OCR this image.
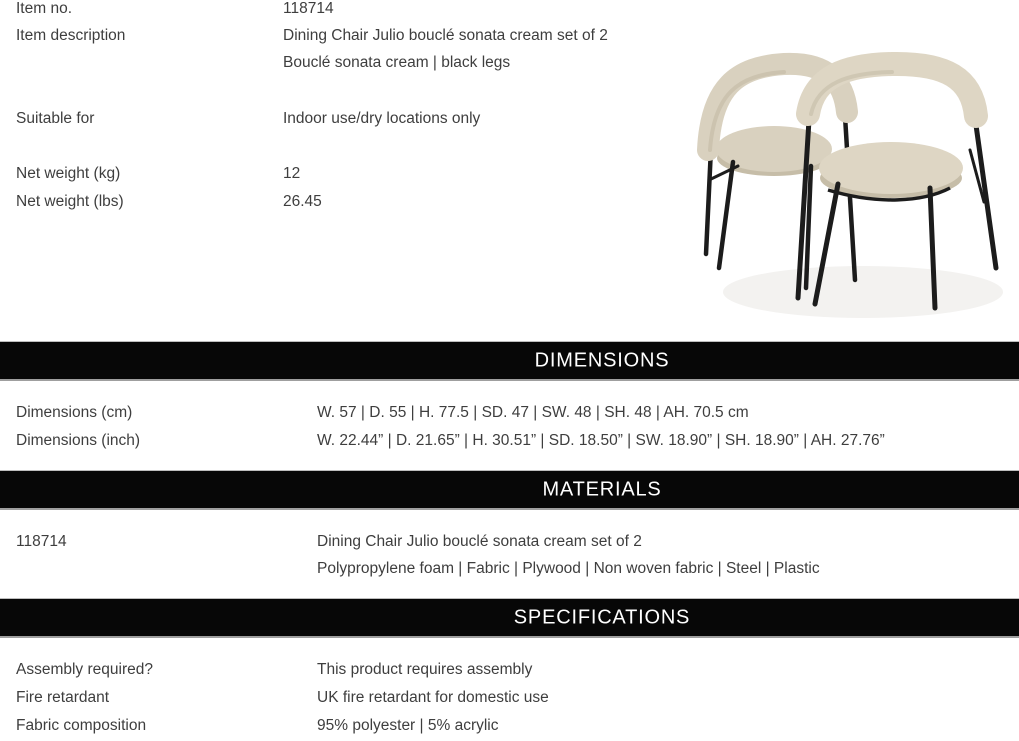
Item no.	118714
Item description	Dining Chair Julio bouclé sonata cream set of 2
Bouclé sonata cream | black legs
Suitable for	Indoor use/dry locations only
Net weight (kg)	12
Net weight (lbs)	26.45
DIMENSIONS
Dimensions (cm)	W. 57 | D. 55 | H. 77.5 | SD. 47 | SW. 48 | SH. 48 | AH. 70.5 cm
Dimensions (inch)	W. 22.44” | D. 21.65” | H. 30.51” | SD. 18.50” | SW. 18.90” | SH. 18.90” | AH. 27.76”
MATERIALS
118714	Dining Chair Julio bouclé sonata cream set of 2
Polypropylene foam | Fabric | Plywood | Non woven fabric | Steel | Plastic
SPECIFICATIONS
Assembly required?	This product requires assembly
Fire retardant	UK fire retardant for domestic use
Fabric composition	95% polyester | 5% acrylic
